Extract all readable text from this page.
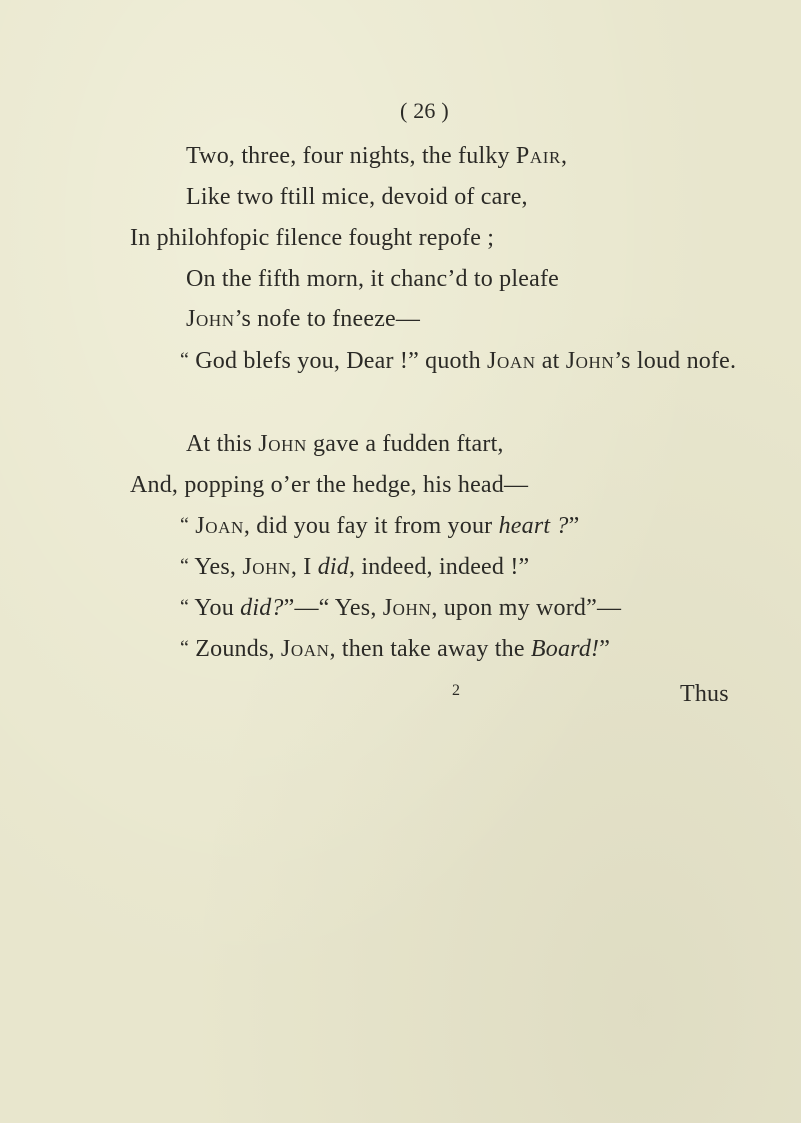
( 26 )
Two, three, four nights, the fulky Pair,
Like two ftill mice, devoid of care,
In philohfopic filence fought repofe ;
On the fifth morn, it chanc’d to pleafe
John’s nofe to fneeze—
“ God blefs you, Dear !” quoth Joan at John’s loud nofe.
At this John gave a fudden ftart,
And, popping o’er the hedge, his head—
“ Joan, did you fay it from your heart ?”
“ Yes, John, I did, indeed, indeed !”
“ You did?”—“ Yes, John, upon my word”—
“ Zounds, Joan, then take away the Board!”
2	Thus
